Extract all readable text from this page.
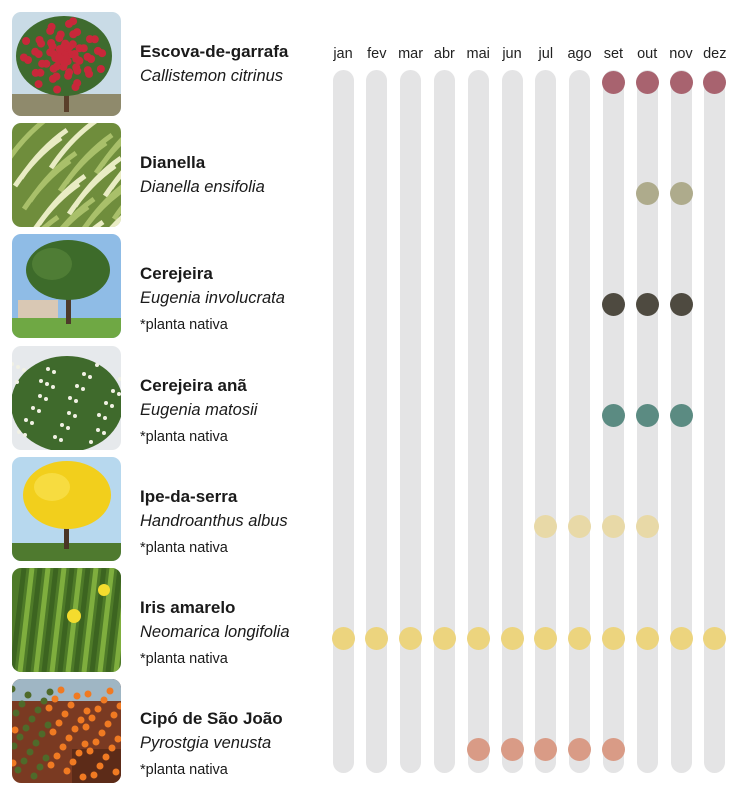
jan fev mar abr mai jun	jul ago set out nov dez
Escova-de-garrafa
Callistemon citrinus
Dianella
Dianella ensifolia
Cerejeira
Eugenia involucrata
*planta nativa
Cerejeira anã
Eugenia matosii
*planta nativa
Ipe-da-serra
Handroanthus albus
*planta nativa
Iris amarelo
Neomarica longifolia
*planta nativa
Cipó de São João
Pyrostgia venusta
*planta nativa
